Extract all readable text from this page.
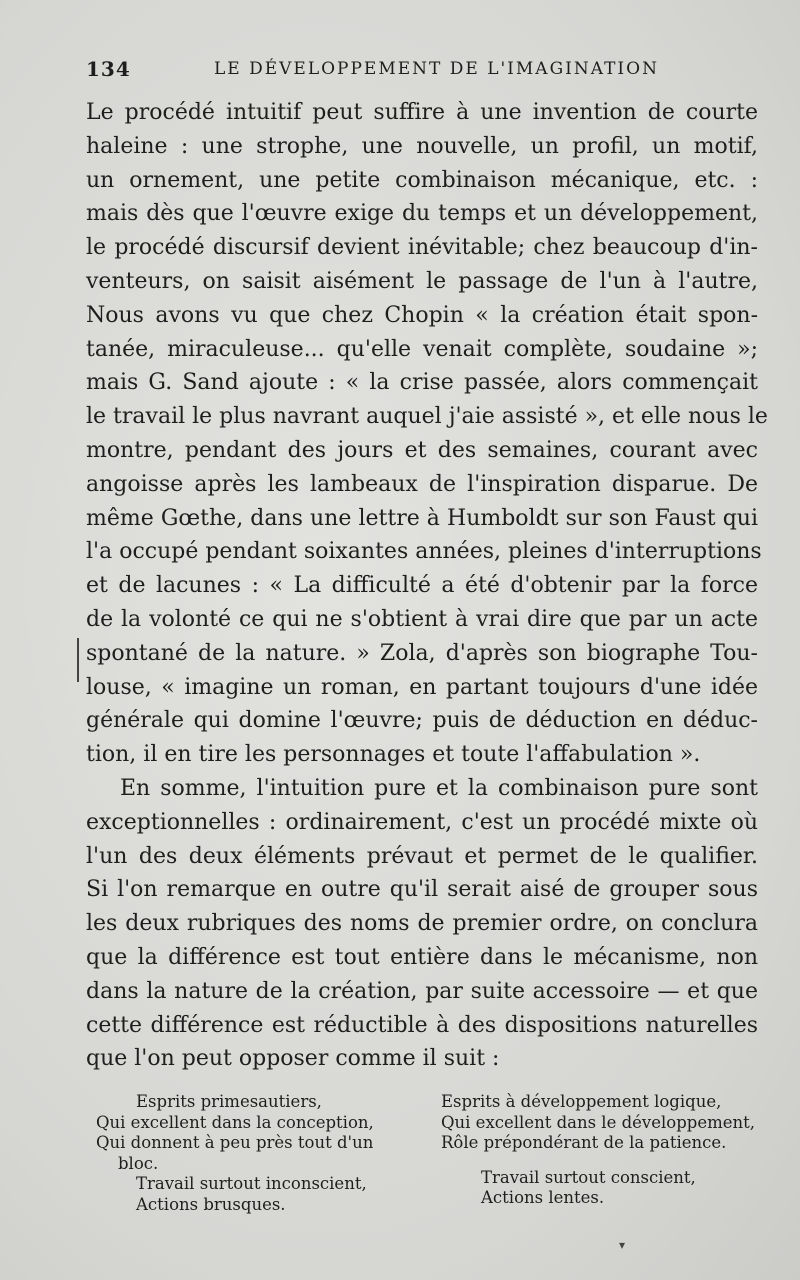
134	LE DÉVELOPPEMENT DE L'IMAGINATION
Le procédé intuitif peut suffire à une invention de courte
haleine : une strophe, une nouvelle, un profil, un motif,
un ornement, une petite combinaison mécanique, etc. :
mais dès que l'œuvre exige du temps et un développement,
le procédé discursif devient inévitable; chez beaucoup d'in-
venteurs, on saisit aisément le passage de l'un à l'autre,
Nous avons vu que chez Chopin « la création était spon-
tanée, miraculeuse... qu'elle venait complète, soudaine »;
mais G. Sand ajoute : « la crise passée, alors commençait
le travail le plus navrant auquel j'aie assisté », et elle nous le
montre, pendant des jours et des semaines, courant avec
angoisse après les lambeaux de l'inspiration disparue. De
même Gœthe, dans une lettre à Humboldt sur son Faust qui
l'a occupé pendant soixantes années, pleines d'interruptions
et de lacunes : « La difficulté a été d'obtenir par la force
de la volonté ce qui ne s'obtient à vrai dire que par un acte
spontané de la nature. » Zola, d'après son biographe Tou-
louse, « imagine un roman, en partant toujours d'une idée
générale qui domine l'œuvre; puis de déduction en déduc-
tion, il en tire les personnages et toute l'affabulation ».
En somme, l'intuition pure et la combinaison pure sont
exceptionnelles : ordinairement, c'est un procédé mixte où
l'un des deux éléments prévaut et permet de le qualifier.
Si l'on remarque en outre qu'il serait aisé de grouper sous
les deux rubriques des noms de premier ordre, on conclura
que la différence est tout entière dans le mécanisme, non
dans la nature de la création, par suite accessoire — et que
cette différence est réductible à des dispositions naturelles
que l'on peut opposer comme il suit :
Esprits primesautiers,
Qui excellent dans la conception,
Qui donnent à peu près tout d'un
bloc.
Travail surtout inconscient,
Actions brusques.
Esprits à développement logique,
Qui excellent dans le développement,
Rôle prépondérant de la patience.
Travail surtout conscient,
Actions lentes.
▾
